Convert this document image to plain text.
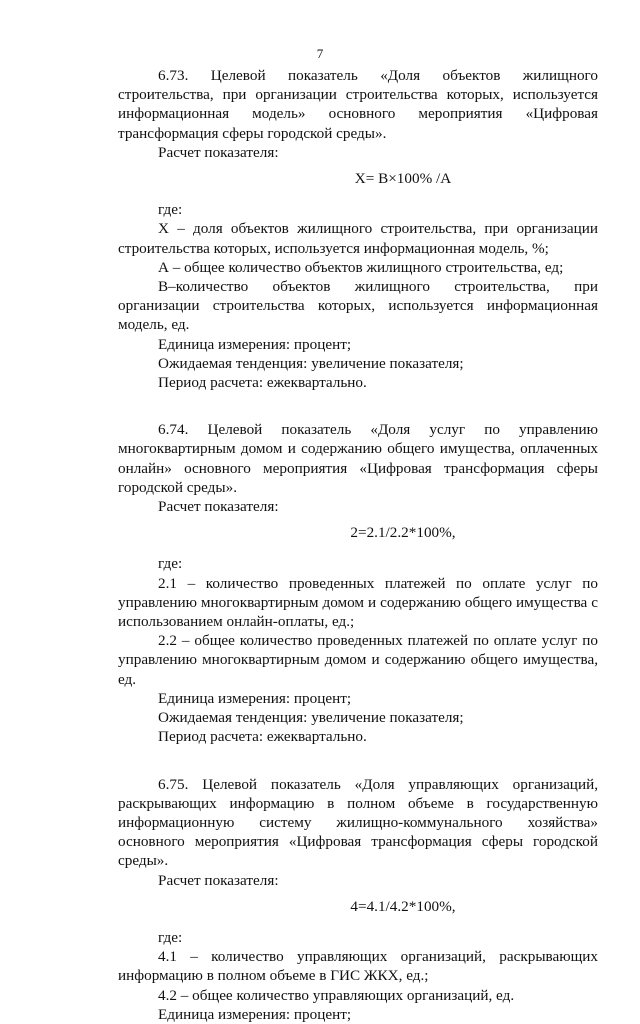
7

6.73. Целевой показатель «Доля объектов жилищного строительства, при организации строительства которых, используется информационная модель» основного мероприятия «Цифровая трансформация сферы городской среды».

Расчет показателя:

X= B×100% /A

где:

X – доля объектов жилищного строительства, при организации строительства которых, используется информационная модель, %;

А – общее количество объектов жилищного строительства, ед;

В–количество объектов жилищного строительства, при организации строительства которых, используется информационная модель, ед.

Единица измерения: процент;

Ожидаемая тенденция: увеличение показателя;

Период расчета: ежеквартально.

6.74. Целевой показатель «Доля услуг по управлению многоквартирным домом и содержанию общего имущества, оплаченных онлайн» основного мероприятия «Цифровая трансформация сферы городской среды».

Расчет показателя:

2=2.1/2.2*100%,

где:

2.1 – количество проведенных платежей по оплате услуг по управлению многоквартирным домом и содержанию общего имущества с использованием онлайн-оплаты, ед.;

2.2 – общее количество проведенных платежей по оплате услуг по управлению многоквартирным домом и содержанию общего имущества, ед.

Единица измерения: процент;

Ожидаемая тенденция: увеличение показателя;

Период расчета: ежеквартально.

6.75. Целевой показатель «Доля управляющих организаций, раскрывающих информацию в полном объеме в государственную информационную систему жилищно-коммунального хозяйства» основного мероприятия «Цифровая трансформация сферы городской среды».

Расчет показателя:

4=4.1/4.2*100%,

где:

4.1 – количество управляющих организаций, раскрывающих информацию в полном объеме в ГИС ЖКХ, ед.;

4.2 – общее количество управляющих организаций, ед.

Единица измерения: процент;
